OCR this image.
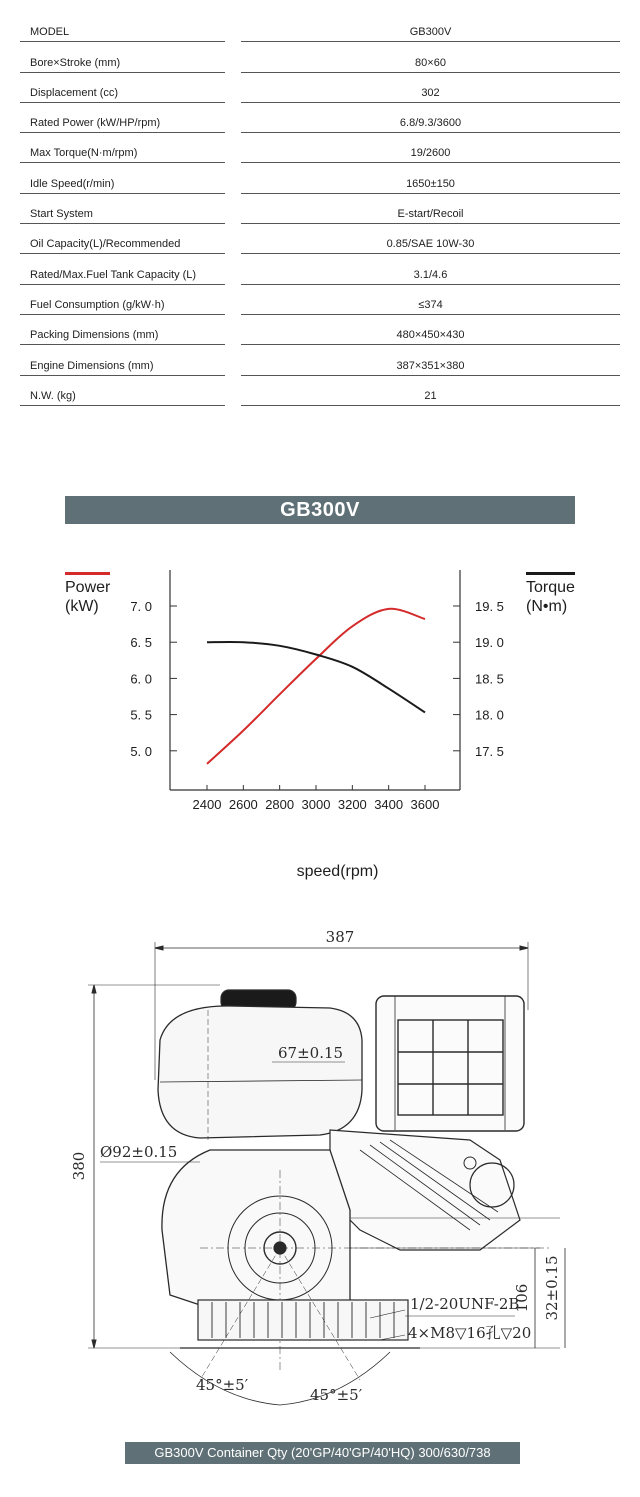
MODEL	GB300V
Bore×Stroke (mm)	80×60
Displacement (cc)	302
Rated Power (kW/HP/rpm)	6.8/9.3/3600
Max Torque(N·m/rpm)	19/2600
Idle Speed(r/min)	1650±150
Start System	E-start/Recoil
Oil Capacity(L)/Recommended	0.85/SAE 10W-30
Rated/Max.Fuel Tank Capacity (L)	3.1/4.6
Fuel Consumption (g/kW·h)	≤374
Packing Dimensions (mm)	480×450×430
Engine Dimensions (mm)	387×351×380
N.W. (kg)	21
GB300V
Power
(kW)
Torque
(N•m)
7. 0
6. 5
6. 0
5. 5
5. 0
19. 5
19. 0
18. 5
18. 0
17. 5
2400 2600 2800 3000 3200 3400 3600
speed(rpm)
387
380
67±0.15
Ø92±0.15
106 32±0.15
1/2-20UNF-2B
4×M8▽16孔▽20
45°±5′
45°±5′
GB300V Container Qty (20'GP/40'GP/40'HQ) 300/630/738
